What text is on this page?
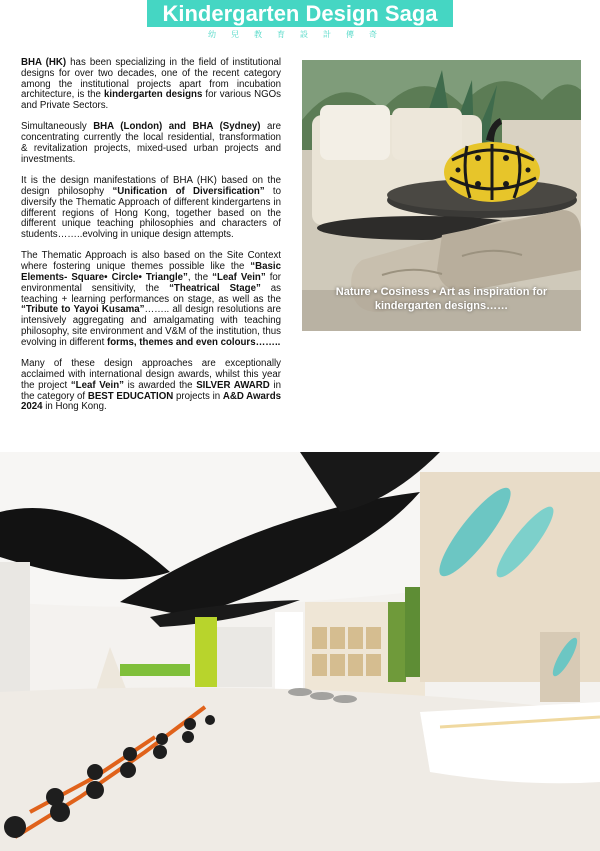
Kindergarten Design Saga
幼兒教育設計傳奇

BHA (HK) has been specializing in the field of institutional designs for over two decades, one of the recent category among the institutional projects apart from incubation architecture, is the kindergarten designs for various NGOs and Private Sectors.

Simultaneously BHA (London) and BHA (Sydney) are concentrating currently the local residential, transformation & revitalization projects, mixed-used urban projects and investments.

It is the design manifestations of BHA (HK) based on the design philosophy “Unification of Diversification” to diversify the Thematic Approach of different kindergartens in different regions of Hong Kong, together based on the different unique teaching philosophies and characters of students……..evolving in unique design attempts.

The Thematic Approach is also based on the Site Context where fostering unique themes possible like the “Basic Elements- Square• Circle• Triangle”, the “Leaf Vein” for environmental sensitivity, the “Theatrical Stage” as teaching + learning performances on stage, as well as the “Tribute to Yayoi Kusama”…….. all design resolutions are intensively aggregating and amalgamating with teaching philosophy, site environment and V&M of the institution, thus evolving in different forms, themes and even colours……..

Many of these design approaches are exceptionally acclaimed with international design awards, whilst this year the project “Leaf Vein” is awarded the SILVER AWARD in the category of BEST EDUCATION projects in A&D Awards 2024 in Hong Kong.

Nature • Cosiness • Art as inspiration for
kindergarten designs……
